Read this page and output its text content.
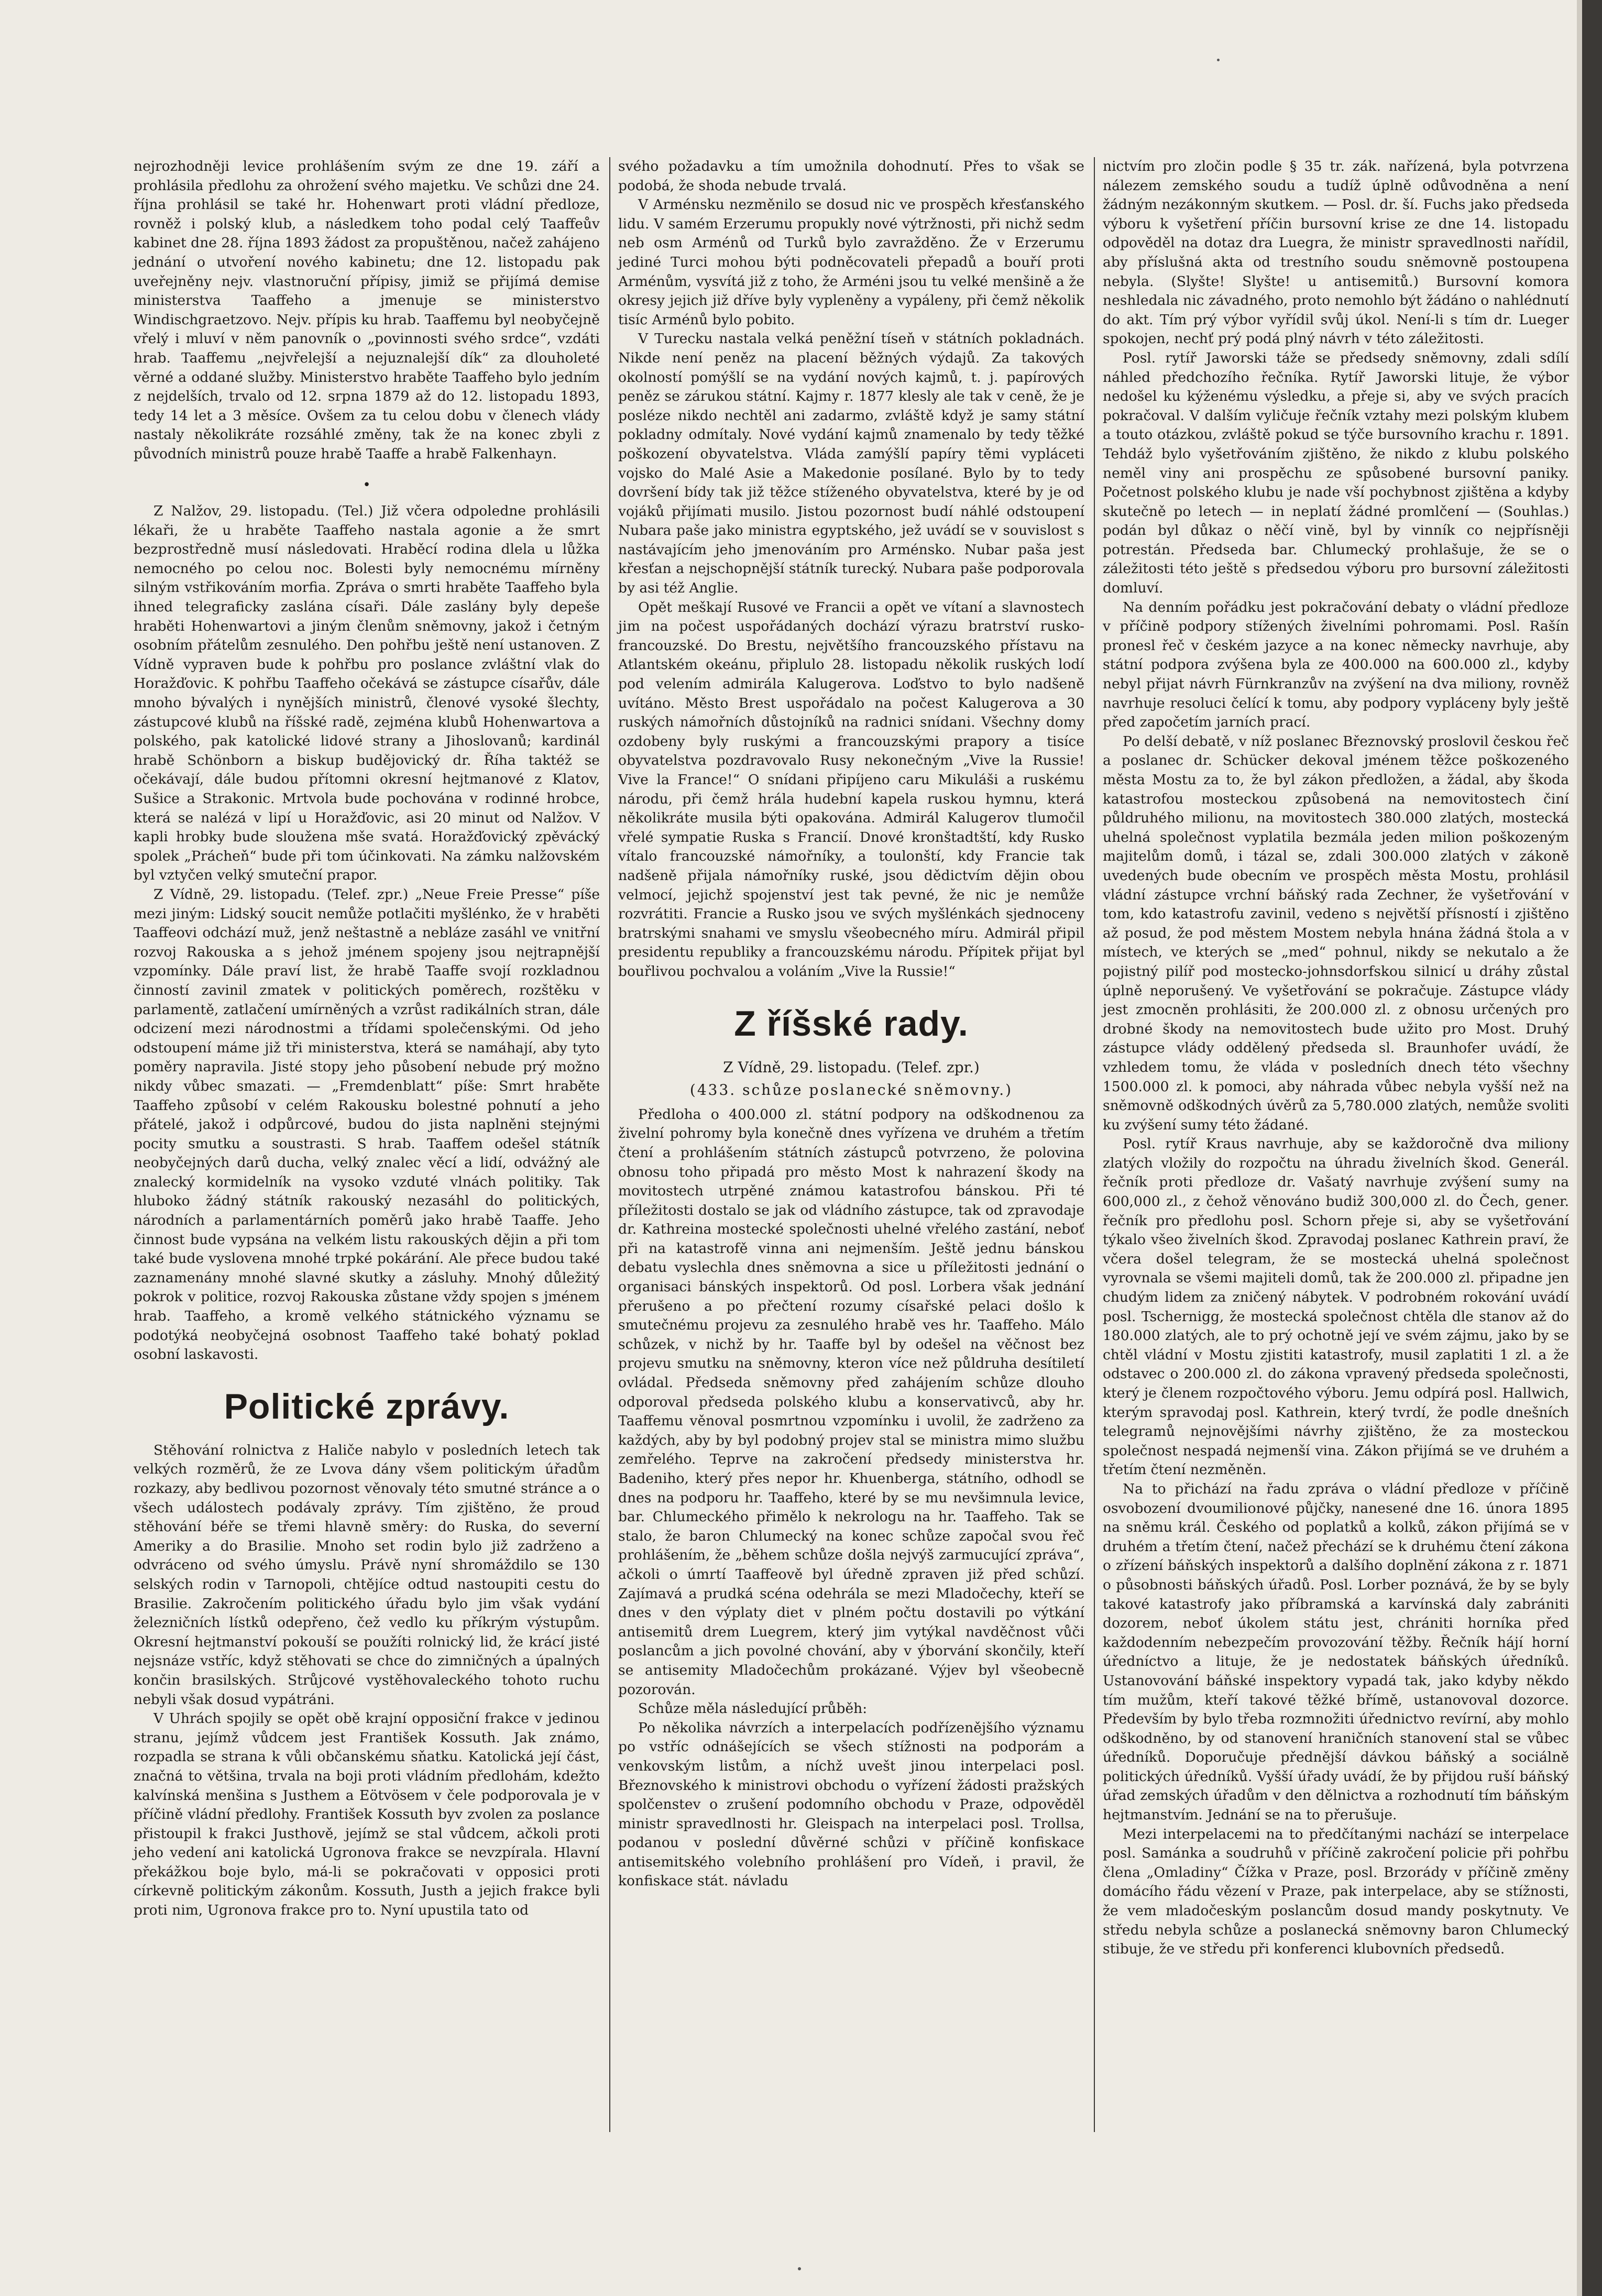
nejrozhodněji levice prohlášením svým ze dne 19. září a prohlásila předlohu za ohrožení svého majetku. Ve schůzi dne 24. října prohlásil se také hr. Hohenwart proti vládní předloze, rovněž i polský klub, a následkem toho podal celý Taaffeův kabinet dne 28. října 1893 žádost za propuštěnou, načež zahájeno jednání o utvoření nového kabinetu; dne 12. listopadu pak uveřejněny nejv. vlastnoruční přípisy, jimiž se přijímá demise ministerstva Taaffeho a jmenuje se ministerstvo Windischgraetzovo. Nejv. přípis ku hrab. Taaffemu byl neobyčejně vřelý i mluví v něm panovník o „povinnosti svého srdce“, vzdáti hrab. Taaffemu „nejvřelejší a nejuznalejší dík“ za dlouholeté věrné a oddané služby. Ministerstvo hraběte Taaffeho bylo jedním z nejdelších, trvalo od 12. srpna 1879 až do 12. listopadu 1893, tedy 14 let a 3 měsíce. Ovšem za tu celou dobu v členech vlády nastaly několikráte rozsáhlé změny, tak že na konec zbyli z původních ministrů pouze hrabě Taaffe a hrabě Falkenhayn.

•

Z Nalžov, 29. listopadu. (Tel.) Již včera odpoledne prohlásili lékaři, že u hraběte Taaffeho nastala agonie a že smrt bezprostředně musí následovati. Hraběcí rodina dlela u lůžka nemocného po celou noc. Bolesti byly nemocnému mírněny silným vstřikováním morfia. Zpráva o smrti hraběte Taaffeho byla ihned telegraficky zaslána císaři. Dále zaslány byly depeše hraběti Hohenwartovi a jiným členům sněmovny, jakož i četným osobním přátelům zesnulého. Den pohřbu ještě není ustanoven. Z Vídně vypraven bude k pohřbu pro poslance zvláštní vlak do Horažďovic. K pohřbu Taaffeho očekává se zástupce císařův, dále mnoho bývalých i nynějších ministrů, členové vysoké šlechty, zástupcové klubů na říšské radě, zejména klubů Hohenwartova a polského, pak katolické lidové strany a Jihoslovanů; kardinál hrabě Schönborn a biskup budějovický dr. Říha taktéž se očekávají, dále budou přítomni okresní hejtmanové z Klatov, Sušice a Strakonic. Mrtvola bude pochována v rodinné hrobce, která se nalézá v lipí u Horažďovic, asi 20 minut od Nalžov. V kapli hrobky bude sloužena mše svatá. Horažďovický zpěvácký spolek „Prácheň“ bude při tom účinkovati. Na zámku nalžovském byl vztyčen velký smuteční prapor.

Z Vídně, 29. listopadu. (Telef. zpr.) „Neue Freie Presse“ píše mezi jiným: Lidský soucit nemůže potlačiti myšlénko, že v hraběti Taaffeovi odchází muž, jenž neštastně a nebláze zasáhl ve vnitřní rozvoj Rakouska a s jehož jménem spojeny jsou nejtrapnější vzpomínky. Dále praví list, že hrabě Taaffe svojí rozkladnou činností zavinil zmatek v politických poměrech, rozštěku v parlamentě, zatlačení umírněných a vzrůst radikálních stran, dále odcizení mezi národnostmi a třídami společenskými. Od jeho odstoupení máme již tři ministerstva, která se namáhají, aby tyto poměry napravila. Jisté stopy jeho působení nebude prý možno nikdy vůbec smazati. — „Fremdenblatt“ píše: Smrt hraběte Taaffeho způsobí v celém Rakousku bolestné pohnutí a jeho přátelé, jakož i odpůrcové, budou do jista naplněni stejnými pocity smutku a soustrasti. S hrab. Taaffem odešel státník neobyčejných darů ducha, velký znalec věcí a lidí, odvážný ale znalecký kormidelník na vysoko vzduté vlnách politiky. Tak hluboko žádný státník rakouský nezasáhl do politických, národních a parlamentárních poměrů jako hrabě Taaffe. Jeho činnost bude vypsána na velkém listu rakouských dějin a při tom také bude vyslovena mnohé trpké pokárání. Ale přece budou také zaznamenány mnohé slavné skutky a zásluhy. Mnohý důležitý pokrok v politice, rozvoj Rakouska zůstane vždy spojen s jménem hrab. Taaffeho, a kromě velkého státnického významu se podotýká neobyčejná osobnost Taaffeho také bohatý poklad osobní laskavosti.

Politické zprávy.

Stěhování rolnictva z Haliče nabylo v posledních letech tak velkých rozměrů, že ze Lvova dány všem politickým úřadům rozkazy, aby bedlivou pozornost věnovaly této smutné stránce a o všech událostech podávaly zprávy. Tím zjištěno, že proud stěhování béře se třemi hlavně směry: do Ruska, do severní Ameriky a do Brasilie. Mnoho set rodin bylo již zadrženo a odvráceno od svého úmyslu. Právě nyní shromáždilo se 130 selských rodin v Tarnopoli, chtějíce odtud nastoupiti cestu do Brasilie. Zakročením politického úřadu bylo jim však vydání železničních lístků odepřeno, čež vedlo ku příkrým výstupům. Okresní hejtmanství pokouší se použíti rolnický lid, že krácí jisté nejsnáze vstříc, když stěhovati se chce do zimničných a úpalných končin brasilských. Strůjcové vystěhovaleckého tohoto ruchu nebyli však dosud vypátráni.

V Uhrách spojily se opět obě krajní opposiční frakce v jedinou stranu, jejímž vůdcem jest František Kossuth. Jak známo, rozpadla se strana k vůli občanskému sňatku. Katolická její část, značná to většina, trvala na boji proti vládním předlohám, kdežto kalvínská menšina s Justhem a Eötvösem v čele podporovala je v příčině vládní předlohy. František Kossuth byv zvolen za poslance přistoupil k frakci Justhově, jejímž se stal vůdcem, ačkoli proti jeho vedení ani katolická Ugronova frakce se nevzpírala. Hlavní překážkou boje bylo, má-li se pokračovati v opposici proti církevně politickým zákonům. Kossuth, Justh a jejich frakce byli proti nim, Ugronova frakce pro to. Nyní upustila tato od

svého požadavku a tím umožnila dohodnutí. Přes to však se podobá, že shoda nebude trvalá.

V Arménsku nezměnilo se dosud nic ve prospěch křesťanského lidu. V samém Erzerumu propukly nové výtržnosti, při nichž sedm neb osm Arménů od Turků bylo zavražděno. Že v Erzerumu jediné Turci mohou býti podněcovateli přepadů a bouří proti Arménům, vysvítá již z toho, že Arméni jsou tu velké menšině a že okresy jejich již dříve byly vypleněny a vypáleny, při čemž několik tisíc Arménů bylo pobito.

V Turecku nastala velká peněžní tíseň v státních pokladnách. Nikde není peněz na placení běžných výdajů. Za takových okolností pomýšlí se na vydání nových kajmů, t. j. papírových peněz se zárukou státní. Kajmy r. 1877 klesly ale tak v ceně, že je posléze nikdo nechtěl ani zadarmo, zvláště když je samy státní pokladny odmítaly. Nové vydání kajmů znamenalo by tedy těžké poškození obyvatelstva. Vláda zamýšlí papíry těmi vypláceti vojsko do Malé Asie a Makedonie posílané. Bylo by to tedy dovršení bídy tak již těžce stíženého obyvatelstva, které by je od vojáků přijímati musilo. Jistou pozornost budí náhlé odstoupení Nubara paše jako ministra egyptského, jež uvádí se v souvislost s nastávajícím jeho jmenováním pro Arménsko. Nubar paša jest křesťan a nejschopnější státník turecký. Nubara paše podporovala by asi též Anglie.

Opět meškají Rusové ve Francii a opět ve vítaní a slavnostech jim na počest uspořádaných dochází výrazu bratrství rusko-francouzské. Do Brestu, největšího francouzského přístavu na Atlantském okeánu, připlulo 28. listopadu několik ruských lodí pod velením admirála Kalugerova. Loďstvo to bylo nadšeně uvítáno. Město Brest uspořádalo na počest Kalugerova a 30 ruských námořních důstojníků na radnici snídani. Všechny domy ozdobeny byly ruskými a francouzskými prapory a tisíce obyvatelstva pozdravovalo Rusy nekonečným „Vive la Russie! Vive la France!“ O snídani připíjeno caru Mikuláši a ruskému národu, při čemž hrála hudební kapela ruskou hymnu, která několikráte musila býti opakována. Admirál Kalugerov tlumočil vřelé sympatie Ruska s Francií. Dnové kronštadtští, kdy Rusko vítalo francouzské námořníky, a toulonští, kdy Francie tak nadšeně přijala námořníky ruské, jsou dědictvím dějin obou velmocí, jejichž spojenství jest tak pevné, že nic je nemůže rozvrátiti. Francie a Rusko jsou ve svých myšlénkách sjednoceny bratrskými snahami ve smyslu všeobecného míru. Admirál připil presidentu republiky a francouzskému národu. Přípitek přijat byl bouřlivou pochvalou a voláním „Vive la Russie!“

Z říšské rady.
Z Vídně, 29. listopadu. (Telef. zpr.)
(433. schůze poslanecké sněmovny.)

Předloha o 400.000 zl. státní podpory na odškodnenou za živelní pohromy byla konečně dnes vyřízena ve druhém a třetím čtení a prohlášením státních zástupců potvrzeno, že polovina obnosu toho připadá pro město Most k nahrazení škody na movitostech utrpěné známou katastrofou bánskou. Při té příležitosti dostalo se jak od vládního zástupce, tak od zpravodaje dr. Kathreina mostecké společnosti uhelné vřelého zastání, neboť při na katastrofě vinna ani nejmenším. Ještě jednu bánskou debatu vyslechla dnes sněmovna a sice u příležitosti jednání o organisaci bánských inspektorů. Od posl. Lorbera však jednání přerušeno a po přečtení rozumy císařské pelaci došlo k smutečnému projevu za zesnulého hrabě ves hr. Taaffeho. Málo schůzek, v nichž by hr. Taaffe byl by odešel na věčnost bez projevu smutku na sněmovny, kteron více než půldruha desítiletí ovládal. Předseda sněmovny před zahájením schůze dlouho odporoval předseda polského klubu a konservativců, aby hr. Taaffemu věnoval posmrtnou vzpomínku i uvolil, že zadrženo za každých, aby by byl podobný projev stal se ministra mimo službu zemřelého. Teprve na zakročení předsedy ministerstva hr. Badeniho, který přes nepor hr. Khuenberga, státního, odhodl se dnes na podporu hr. Taaffeho, které by se mu nevšimnula levice, bar. Chlumeckého přimělo k nekrologu na hr. Taaffeho. Tak se stalo, že baron Chlumecký na konec schůze započal svou řeč prohlášením, že „během schůze došla nejvýš zarmucující zpráva“, ačkoli o úmrtí Taaffeově byl úředně zpraven již před schůzí. Zajímavá a prudká scéna odehrála se mezi Mladočechy, kteří se dnes v den výplaty diet v plném počtu dostavili po výtkání antisemitů drem Luegrem, který jim vytýkal navděčnost vůči poslancům a jich povolné chování, aby v ýborvání skončily, kteří se antisemity Mladočechům prokázané. Výjev byl všeobecně pozorován.

Schůze měla následující průběh:

Po několika návrzích a interpelacích podřízenějšího významu po vstříc odnášejících se všech stížnosti na podporám a venkovským listům, a níchž uvešt jinou interpelaci posl. Březnovského k ministrovi obchodu o vyřízení žádosti pražských spolčenstev o zrušení podomního obchodu v Praze, odpověděl ministr spravedlnosti hr. Gleispach na interpelaci posl. Trollsa, podanou v poslední důvěrné schůzi v příčině konfiskace antisemitského volebního prohlášení pro Vídeň, i pravil, že konfiskace stát. návladu

nictvím pro zločin podle § 35 tr. zák. nařízená, byla potvrzena nálezem zemského soudu a tudíž úplně odůvodněna a není žádným nezákonným skutkem. — Posl. dr. ší. Fuchs jako předseda výboru k vyšetření příčin bursovní krise ze dne 14. listopadu odpověděl na dotaz dra Luegra, že ministr spravedlnosti nařídil, aby příslušná akta od trestního soudu sněmovně postoupena nebyla. (Slyšte! Slyšte! u antisemitů.) Bursovní komora neshledala nic závadného, proto nemohlo být žádáno o nahlédnutí do akt. Tím prý výbor vyřídil svůj úkol. Není-li s tím dr. Lueger spokojen, nechť prý podá plný návrh v této záležitosti.

Posl. rytíř Jaworski táže se předsedy sněmovny, zdali sdílí náhled předchozího řečníka. Rytíř Jaworski lituje, že výbor nedošel ku kýženému výsledku, a přeje si, aby ve svých pracích pokračoval. V dalším vyličuje řečník vztahy mezi polským klubem a touto otázkou, zvláště pokud se týče bursovního krachu r. 1891. Tehdáž bylo vyšetřováním zjištěno, že nikdo z klubu polského neměl viny ani prospěchu ze spůsobené bursovní paniky. Početnost polského klubu je nade vší pochybnost zjištěna a kdyby skutečně po letech — in neplatí žádné promlčení — (Souhlas.) podán byl důkaz o něčí vině, byl by vinník co nejpřísněji potrestán. Předseda bar. Chlumecký prohlašuje, že se o záležitosti této ještě s předsedou výboru pro bursovní záležitosti domluví.

Na denním pořádku jest pokračování debaty o vládní předloze v příčině podpory stížených živelními pohromami. Posl. Rašín pronesl řeč v českém jazyce a na konec německy navrhuje, aby státní podpora zvýšena byla ze 400.000 na 600.000 zl., kdyby nebyl přijat návrh Fürnkranzův na zvýšení na dva miliony, rovněž navrhuje resoluci čelící k tomu, aby podpory vypláceny byly ještě před započetím jarních prací.

Po delší debatě, v níž poslanec Březnovský proslovil českou řeč a poslanec dr. Schücker dekoval jménem těžce poškozeného města Mostu za to, že byl zákon předložen, a žádal, aby škoda katastrofou mosteckou způsobená na nemovitostech činí půldruhého milionu, na movitostech 380.000 zlatých, mostecká uhelná společnost vyplatila bezmála jeden milion poškozeným majitelům domů, i tázal se, zdali 300.000 zlatých v zákoně uvedených bude obecním ve prospěch města Mostu, prohlásil vládní zástupce vrchní báňský rada Zechner, že vyšetřování v tom, kdo katastrofu zavinil, vedeno s největší přísností i zjištěno až posud, že pod městem Mostem nebyla hnána žádná štola a v místech, ve kterých se „med“ pohnul, nikdy se nekutalo a že pojistný pilíř pod mostecko-johnsdorfskou silnicí u dráhy zůstal úplně neporušený. Ve vyšetřování se pokračuje. Zástupce vlády jest zmocněn prohlásiti, že 200.000 zl. z obnosu určených pro drobné škody na nemovitostech bude užito pro Most. Druhý zástupce vlády oddělený předseda sl. Braunhofer uvádí, že vzhledem tomu, že vláda v posledních dnech této všechny 1500.000 zl. k pomoci, aby náhrada vůbec nebyla vyšší než na sněmovně odškodných úvěrů za 5,780.000 zlatých, nemůže svoliti ku zvýšení sumy této žádané.

Posl. rytíř Kraus navrhuje, aby se každoročně dva miliony zlatých vložily do rozpočtu na úhradu živelních škod. Generál. řečník proti předloze dr. Vašatý navrhuje zvýšení sumy na 600,000 zl., z čehož věnováno budiž 300,000 zl. do Čech, gener. řečník pro předlohu posl. Schorn přeje si, aby se vyšetřování týkalo všeo živelních škod. Zpravodaj poslanec Kathrein praví, že včera došel telegram, že se mostecká uhelná společnost vyrovnala se všemi majiteli domů, tak že 200.000 zl. připadne jen chudým lidem za zničený nábytek. V podrobném rokování uvádí posl. Tschernigg, že mostecká společnost chtěla dle stanov až do 180.000 zlatých, ale to prý ochotně její ve svém zájmu, jako by se chtěl vládní v Mostu zjistiti katastrofy, musil zaplatiti 1 zl. a že odstavec o 200.000 zl. do zákona vpravený předseda společnosti, který je členem rozpočtového výboru. Jemu odpírá posl. Hallwich, kterým spravodaj posl. Kathrein, který tvrdí, že podle dnešních telegramů nejnovějšími návrhy zjištěno, že za mosteckou společnost nespadá nejmenší vina. Zákon přijímá se ve druhém a třetím čtení nezměněn.

Na to přichází na řadu zpráva o vládní předloze v příčině osvobození dvoumilionové půjčky, nanesené dne 16. února 1895 na sněmu král. Českého od poplatků a kolků, zákon přijímá se v druhém a třetím čtení, načež přechází se k druhému čtení zákona o zřízení báňských inspektorů a dalšího doplnění zákona z r. 1871 o působnosti báňských úřadů. Posl. Lorber poznává, že by se byly takové katastrofy jako příbramská a karvínská daly zabrániti dozorem, neboť úkolem státu jest, chrániti horníka před každodenním nebezpečím provozování těžby. Řečník hájí horní úředníctvo a lituje, že je nedostatek báňských úředníků. Ustanovování báňské inspektory vypadá tak, jako kdyby někdo tím mužům, kteří takové těžké břímě, ustanovoval dozorce. Především by bylo třeba rozmnožiti úřednictvo revírní, aby mohlo odškodněno, by od stanovení hraničních stanovení stal se vůbec úředníků. Doporučuje přednější dávkou báňský a sociálně politických úředníků. Vyšší úřady uvádí, že by přijdou ruší báňský úřad zemských úřadům v den dělnictva a rozhodnutí tím báňským hejtmanstvím. Jednání se na to přerušuje.

Mezi interpelacemi na to předčítanými nachází se interpelace posl. Samánka a soudruhů v příčině zakročení policie při pohřbu člena „Omladiny“ Čížka v Praze, posl. Brzorády v příčině změny domácího řádu vězení v Praze, pak interpelace, aby se stížnosti, že vem mladočeským poslancům dosud mandy poskytnuty. Ve středu nebyla schůze a poslanecká sněmovny baron Chlumecký stibuje, že ve středu při konferenci klubovních předsedů.
